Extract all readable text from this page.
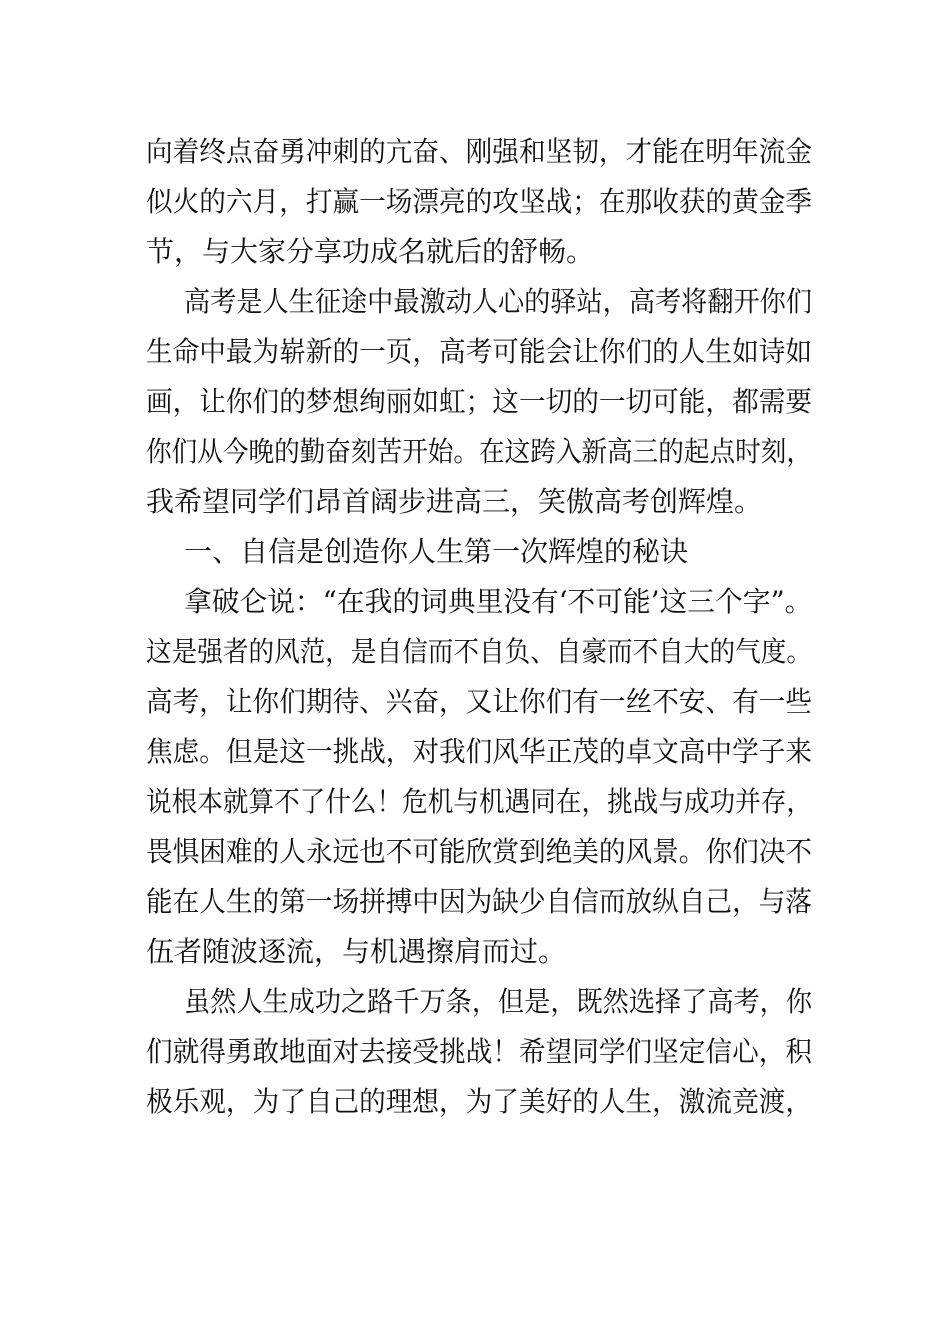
向着终点奋勇冲刺的亢奋、刚强和坚韧，才能在明年流金
似火的六月，打赢一场漂亮的攻坚战；在那收获的黄金季
节，与大家分享功成名就后的舒畅。
高考是人生征途中最激动人心的驿站，高考将翻开你们
生命中最为崭新的一页，高考可能会让你们的人生如诗如
画，让你们的梦想绚丽如虹；这一切的一切可能，都需要
你们从今晚的勤奋刻苦开始。在这跨入新高三的起点时刻，
我希望同学们昂首阔步进高三，笑傲高考创辉煌。
一、自信是创造你人生第一次辉煌的秘诀
拿破仑说：“在我的词典里没有‘不可能’这三个字”。
这是强者的风范，是自信而不自负、自豪而不自大的气度。
高考，让你们期待、兴奋，又让你们有一丝不安、有一些
焦虑。但是这一挑战，对我们风华正茂的卓文高中学子来
说根本就算不了什么！危机与机遇同在，挑战与成功并存，
畏惧困难的人永远也不可能欣赏到绝美的风景。你们决不
能在人生的第一场拼搏中因为缺少自信而放纵自己，与落
伍者随波逐流，与机遇擦肩而过。
虽然人生成功之路千万条，但是，既然选择了高考，你
们就得勇敢地面对去接受挑战！希望同学们坚定信心，积
极乐观，为了自己的理想，为了美好的人生，激流竞渡，
